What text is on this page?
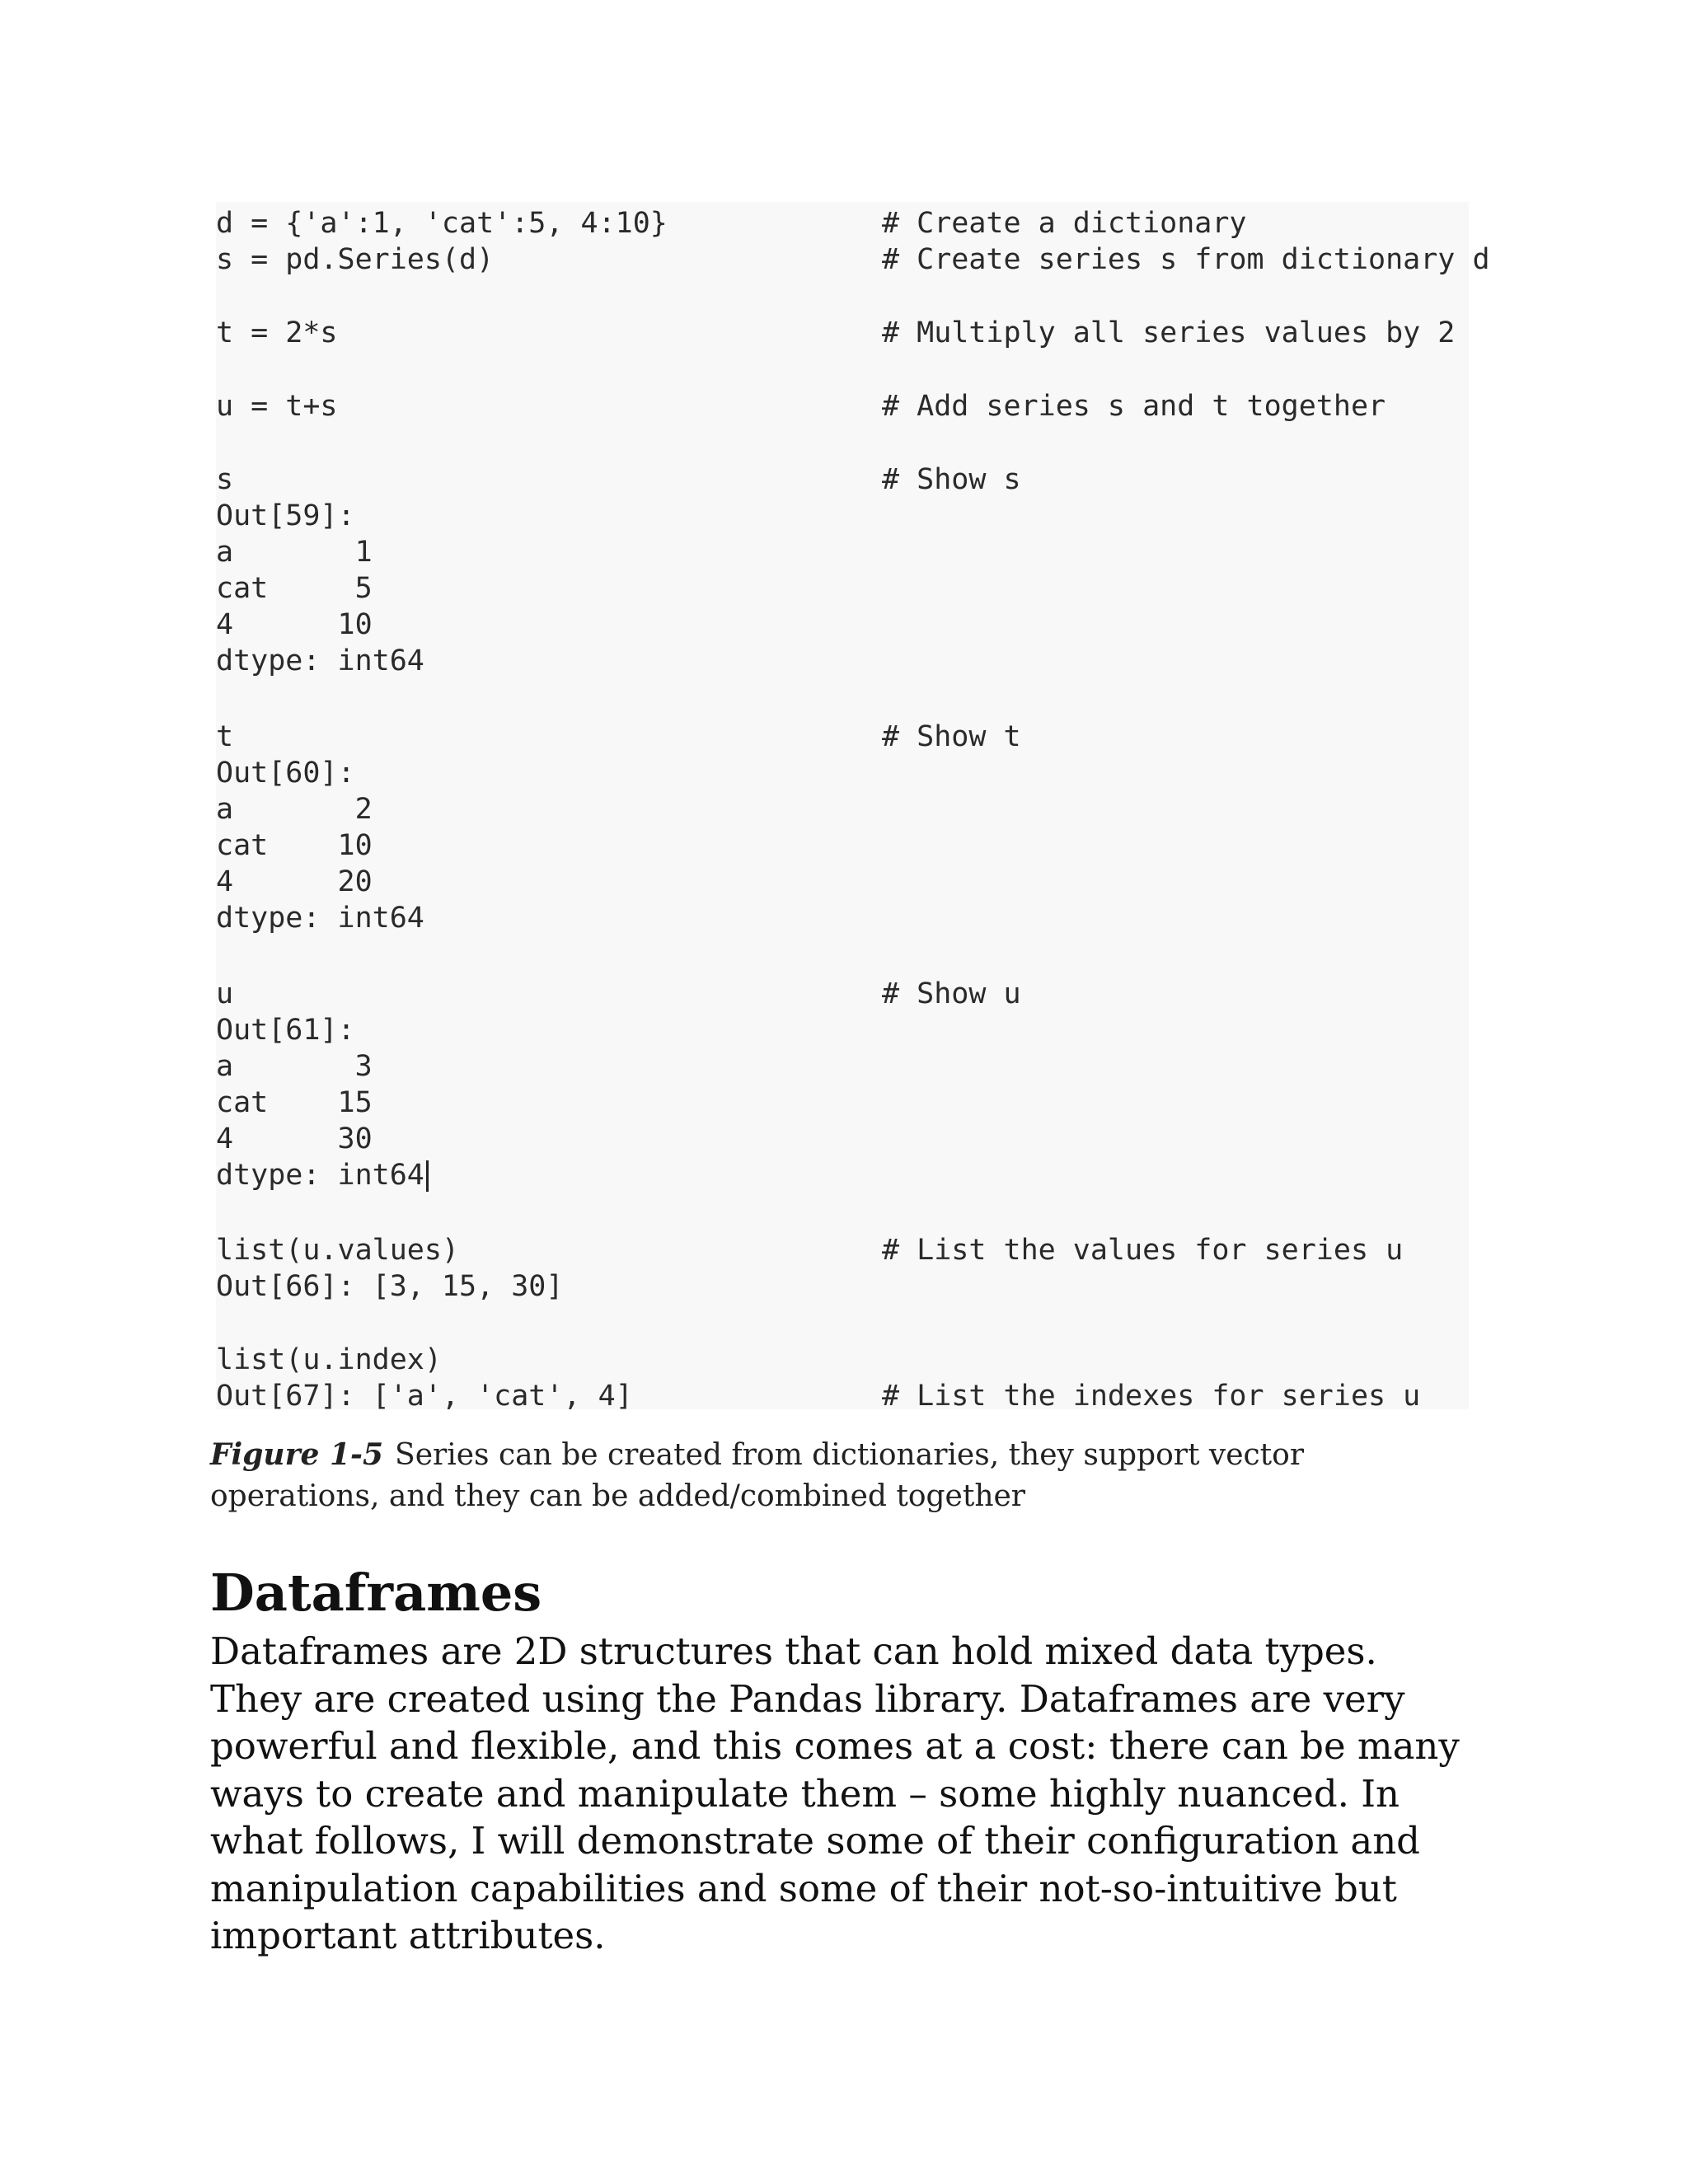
d = {'a':1, 'cat':5, 4:10}	# Create a dictionary
s = pd.Series(d)	# Create series s from dictionary d
t = 2*s	# Multiply all series values by 2
u = t+s	# Add series s and t together
s	# Show s
Out[59]:
a       1
cat     5
4      10
dtype: int64
t	# Show t
Out[60]:
a       2
cat    10
4      20
dtype: int64
u	# Show u
Out[61]:
a       3
cat    15
4      30
dtype: int64
list(u.values)	# List the values for series u
Out[66]: [3, 15, 30]
list(u.index)
Out[67]: ['a', 'cat', 4]	# List the indexes for series u
Figure 1-5 Series can be created from dictionaries, they support vector operations, and they can be added/combined together
Dataframes

Dataframes are 2D structures that can hold mixed data types. They are created using the Pandas library. Dataframes are very powerful and flexible, and this comes at a cost: there can be many ways to create and manipulate them – some highly nuanced. In what follows, I will demonstrate some of their configuration and manipulation capabilities and some of their not-so-intuitive but important attributes.
